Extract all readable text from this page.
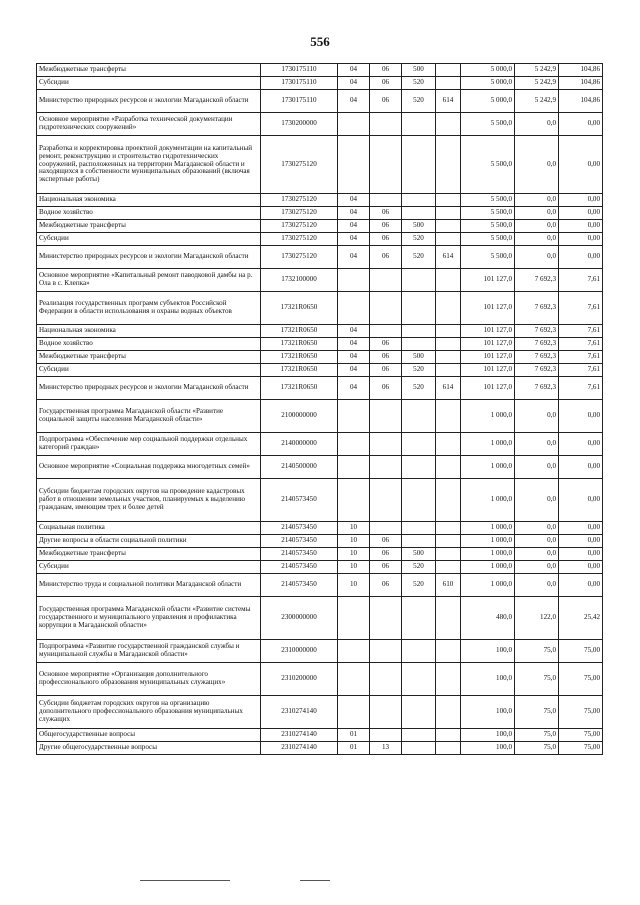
556
Межбюджетные трансферты	1730175110	04	06	500		5 000,0	5 242,9	104,86
Субсидии	1730175110	04	06	520		5 000,0	5 242,9	104,86
Министерство природных ресурсов и экологии Магаданской области	1730175110	04	06	520	614	5 000,0	5 242,9	104,86
Основное мероприятие «Разработка технической документации гидротехнических сооружений»	1730200000					5 500,0	0,0	0,00
Разработка и корректировка проектной документации на капитальный ремонт, реконструкцию и строительство гидротехнических сооружений, расположенных на территории Магаданской области и находящихся в собственности муниципальных образований (включая экспертные работы)	1730275120					5 500,0	0,0	0,00
Национальная экономика	1730275120	04				5 500,0	0,0	0,00
Водное хозяйство	1730275120	04	06			5 500,0	0,0	0,00
Межбюджетные трансферты	1730275120	04	06	500		5 500,0	0,0	0,00
Субсидии	1730275120	04	06	520		5 500,0	0,0	0,00
Министерство природных ресурсов и экологии Магаданской области	1730275120	04	06	520	614	5 500,0	0,0	0,00
Основное мероприятие «Капитальный ремонт паводковой дамбы на р. Ола в с. Клепка»	1732100000					101 127,0	7 692,3	7,61
Реализация государственных программ субъектов Российской Федерации в области использования и охраны водных объектов	17321R0650					101 127,0	7 692,3	7,61
Национальная экономика	17321R0650	04				101 127,0	7 692,3	7,61
Водное хозяйство	17321R0650	04	06			101 127,0	7 692,3	7,61
Межбюджетные трансферты	17321R0650	04	06	500		101 127,0	7 692,3	7,61
Субсидии	17321R0650	04	06	520		101 127,0	7 692,3	7,61
Министерство природных ресурсов и экологии Магаданской области	17321R0650	04	06	520	614	101 127,0	7 692,3	7,61
Государственная программа Магаданской области «Развитие социальной защиты населения Магаданской области»	2100000000					1 000,0	0,0	0,00
Подпрограмма «Обеспечение мер социальной поддержки отдельных категорий граждан»	2140000000					1 000,0	0,0	0,00
Основное мероприятие «Социальная поддержка многодетных семей»	2140500000					1 000,0	0,0	0,00
Субсидии бюджетам городских округов на проведение кадастровых работ в отношении земельных участков, планируемых к выделению гражданам, имеющим трех и более детей	2140573450					1 000,0	0,0	0,00
Социальная политика	2140573450	10				1 000,0	0,0	0,00
Другие вопросы в области социальной политики	2140573450	10	06			1 000,0	0,0	0,00
Межбюджетные трансферты	2140573450	10	06	500		1 000,0	0,0	0,00
Субсидии	2140573450	10	06	520		1 000,0	0,0	0,00
Министерство труда и социальной политики Магаданской области	2140573450	10	06	520	610	1 000,0	0,0	0,00
Государственная программа Магаданской области «Развитие системы государственного и муниципального управления и профилактика коррупции в Магаданской области»	2300000000					480,0	122,0	25,42
Подпрограмма «Развитие государственной гражданской службы и муниципальной службы в Магаданской области»	2310000000					100,0	75,0	75,00
Основное мероприятие «Организация дополнительного профессионального образования муниципальных служащих»	2310200000					100,0	75,0	75,00
Субсидии бюджетам городских округов на организацию дополнительного профессионального образования муниципальных служащих	2310274140					100,0	75,0	75,00
Общегосударственные вопросы	2310274140	01				100,0	75,0	75,00
Другие общегосударственные вопросы	2310274140	01	13			100,0	75,0	75,00
